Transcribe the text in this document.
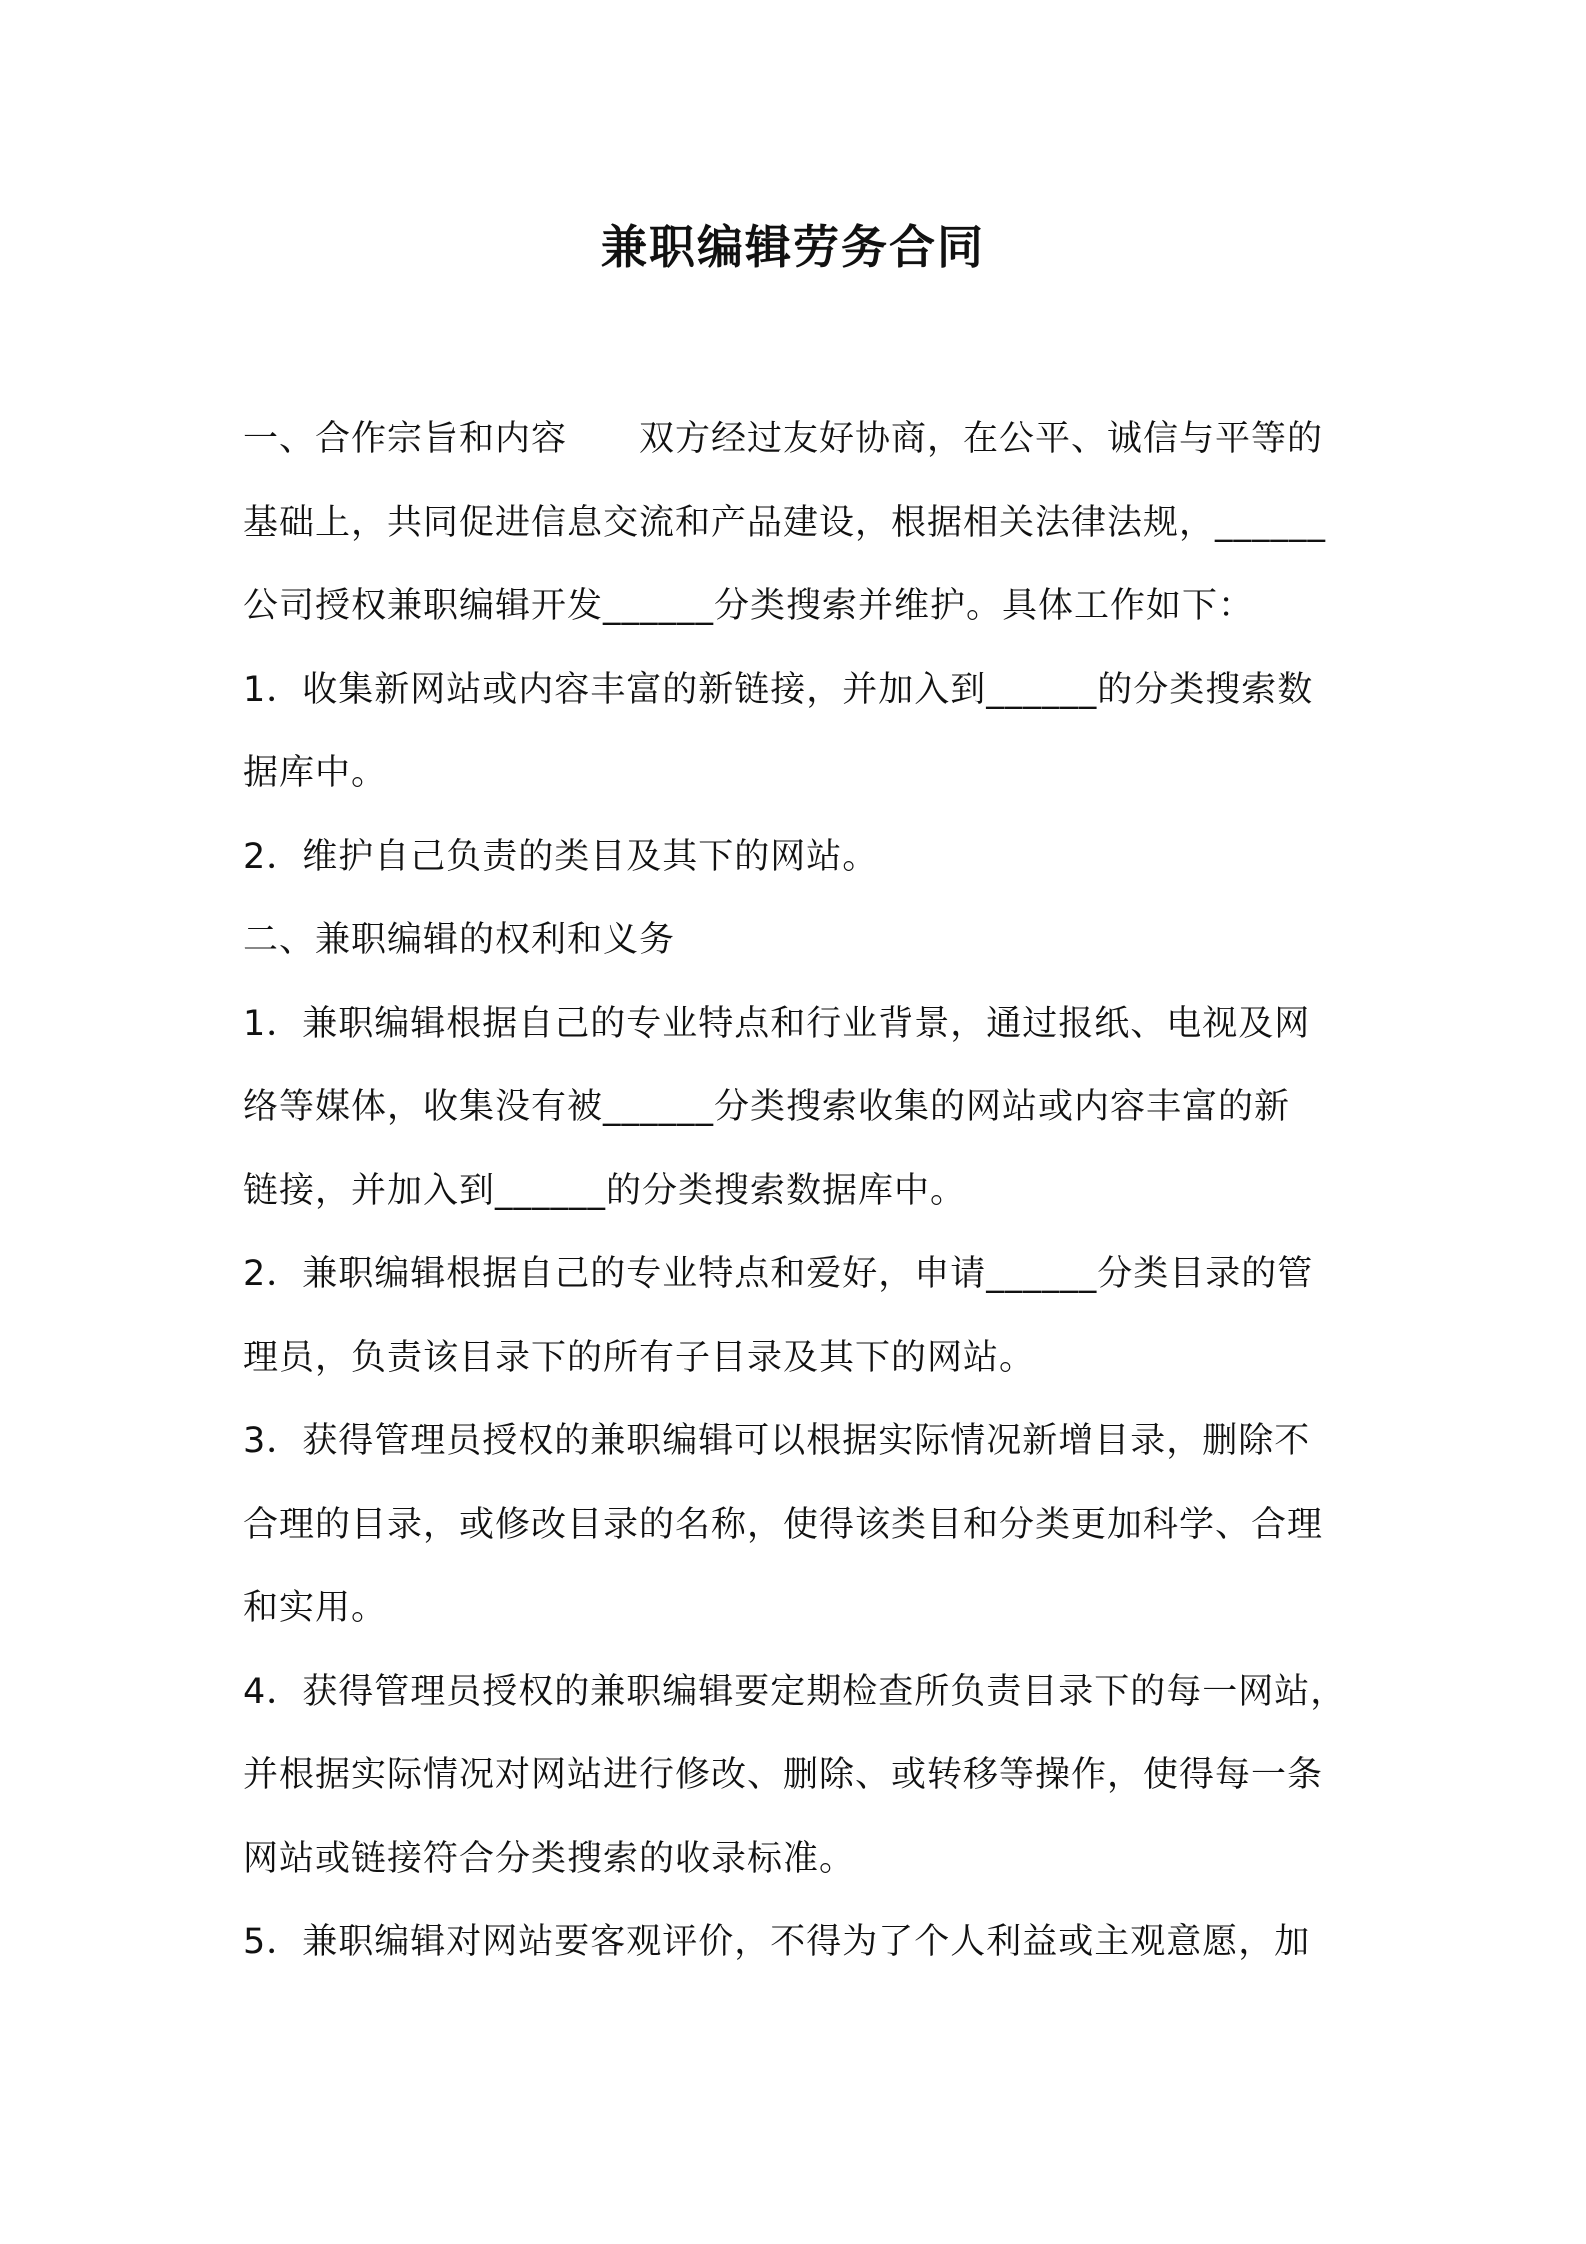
兼职编辑劳务合同
一、合作宗旨和内容　　双方经过友好协商，在公平、诚信与平等的
基础上，共同促进信息交流和产品建设，根据相关法律法规，______
公司授权兼职编辑开发______分类搜索并维护。具体工作如下：
1．收集新网站或内容丰富的新链接，并加入到______的分类搜索数
据库中。
2．维护自己负责的类目及其下的网站。
二、兼职编辑的权利和义务
1．兼职编辑根据自己的专业特点和行业背景，通过报纸、电视及网
络等媒体，收集没有被______分类搜索收集的网站或内容丰富的新
链接，并加入到______的分类搜索数据库中。
2．兼职编辑根据自己的专业特点和爱好，申请______分类目录的管
理员，负责该目录下的所有子目录及其下的网站。
3．获得管理员授权的兼职编辑可以根据实际情况新增目录，删除不
合理的目录，或修改目录的名称，使得该类目和分类更加科学、合理
和实用。
4．获得管理员授权的兼职编辑要定期检查所负责目录下的每一网站，
并根据实际情况对网站进行修改、删除、或转移等操作，使得每一条
网站或链接符合分类搜索的收录标准。
5．兼职编辑对网站要客观评价，不得为了个人利益或主观意愿，加
